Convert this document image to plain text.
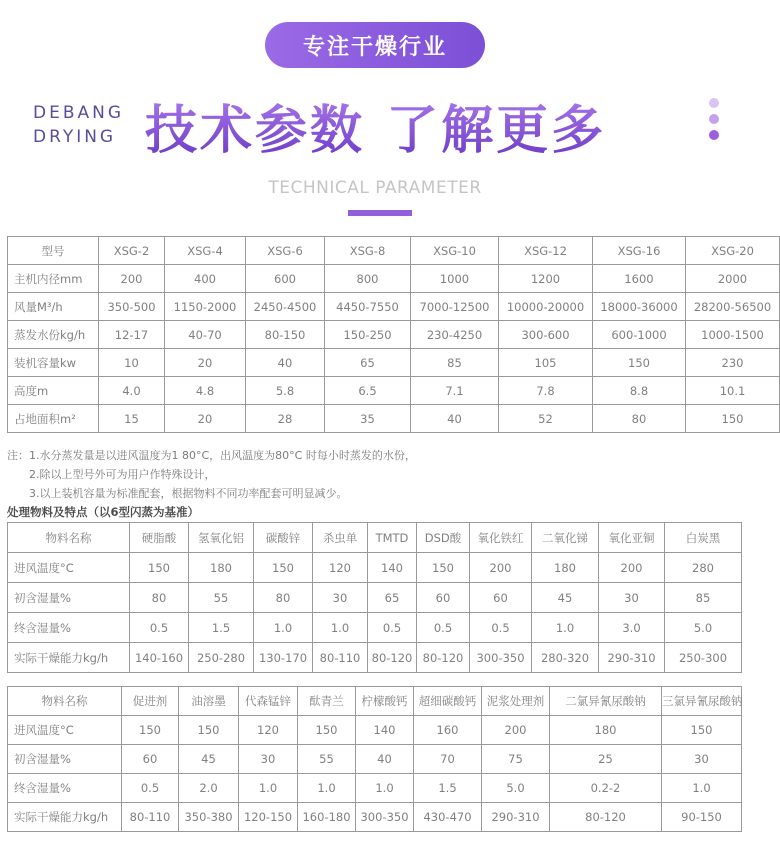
专注干燥行业
DEBANG
DRYING 技术参数 了解更多
TECHNICAL PARAMETER
型号	XSG-2	XSG-4	XSG-6	XSG-8	XSG-10	XSG-12	XSG-16	XSG-20
主机内径mm	200	400	600	800	1000	1200	1600	2000
风量M³/h	350-500	1150-2000	2450-4500	4450-7550	7000-12500	10000-20000	18000-36000	28200-56500
蒸发水份kg/h	12-17	40-70	80-150	150-250	230-4250	300-600	600-1000	1000-1500
装机容量kw	10	20	40	65	85	105	150	230
高度m	4.0	4.8	5.8	6.5	7.1	7.8	8.8	10.1
占地面积m²	15	20	28	35	40	52	80	150
注：1.水分蒸发量是以进风温度为1 80°C，出风温度为80°C 时每小时蒸发的水份，
2.除以上型号外可为用户作特殊设计，
3.以上装机容量为标准配套，根据物料不同功率配套可明显减少。
处理物料及特点（以6型闪蒸为基准）
物料名称	硬脂酸	氢氧化铝	碳酸锌	杀虫单	TMTD	DSD酸	氧化铁红	二氧化锑	氧化亚铜	白炭黑
进风温度°C	150	180	150	120	140	150	200	180	200	280
初含湿量%	80	55	80	30	65	60	60	45	30	85
终含湿量%	0.5	1.5	1.0	1.0	0.5	0.5	0.5	1.0	3.0	5.0
实际干燥能力kg/h	140-160	250-280	130-170	80-110	80-120	80-120	300-350	280-320	290-310	250-300
物料名称	促进剂	油溶墨	代森锰锌	酞青兰	柠檬酸钙	超细碳酸钙	泥浆处理剂	二氯异氰尿酸钠	三氯异氰尿酸钠
进风温度°C	150	150	120	150	140	160	200	180	150
初含湿量%	60	45	30	55	40	70	75	25	30
终含湿量%	0.5	2.0	1.0	1.0	1.0	1.5	5.0	0.2-2	1.0
实际干燥能力kg/h	80-110	350-380	120-150	160-180	300-350	430-470	290-310	80-120	90-150
